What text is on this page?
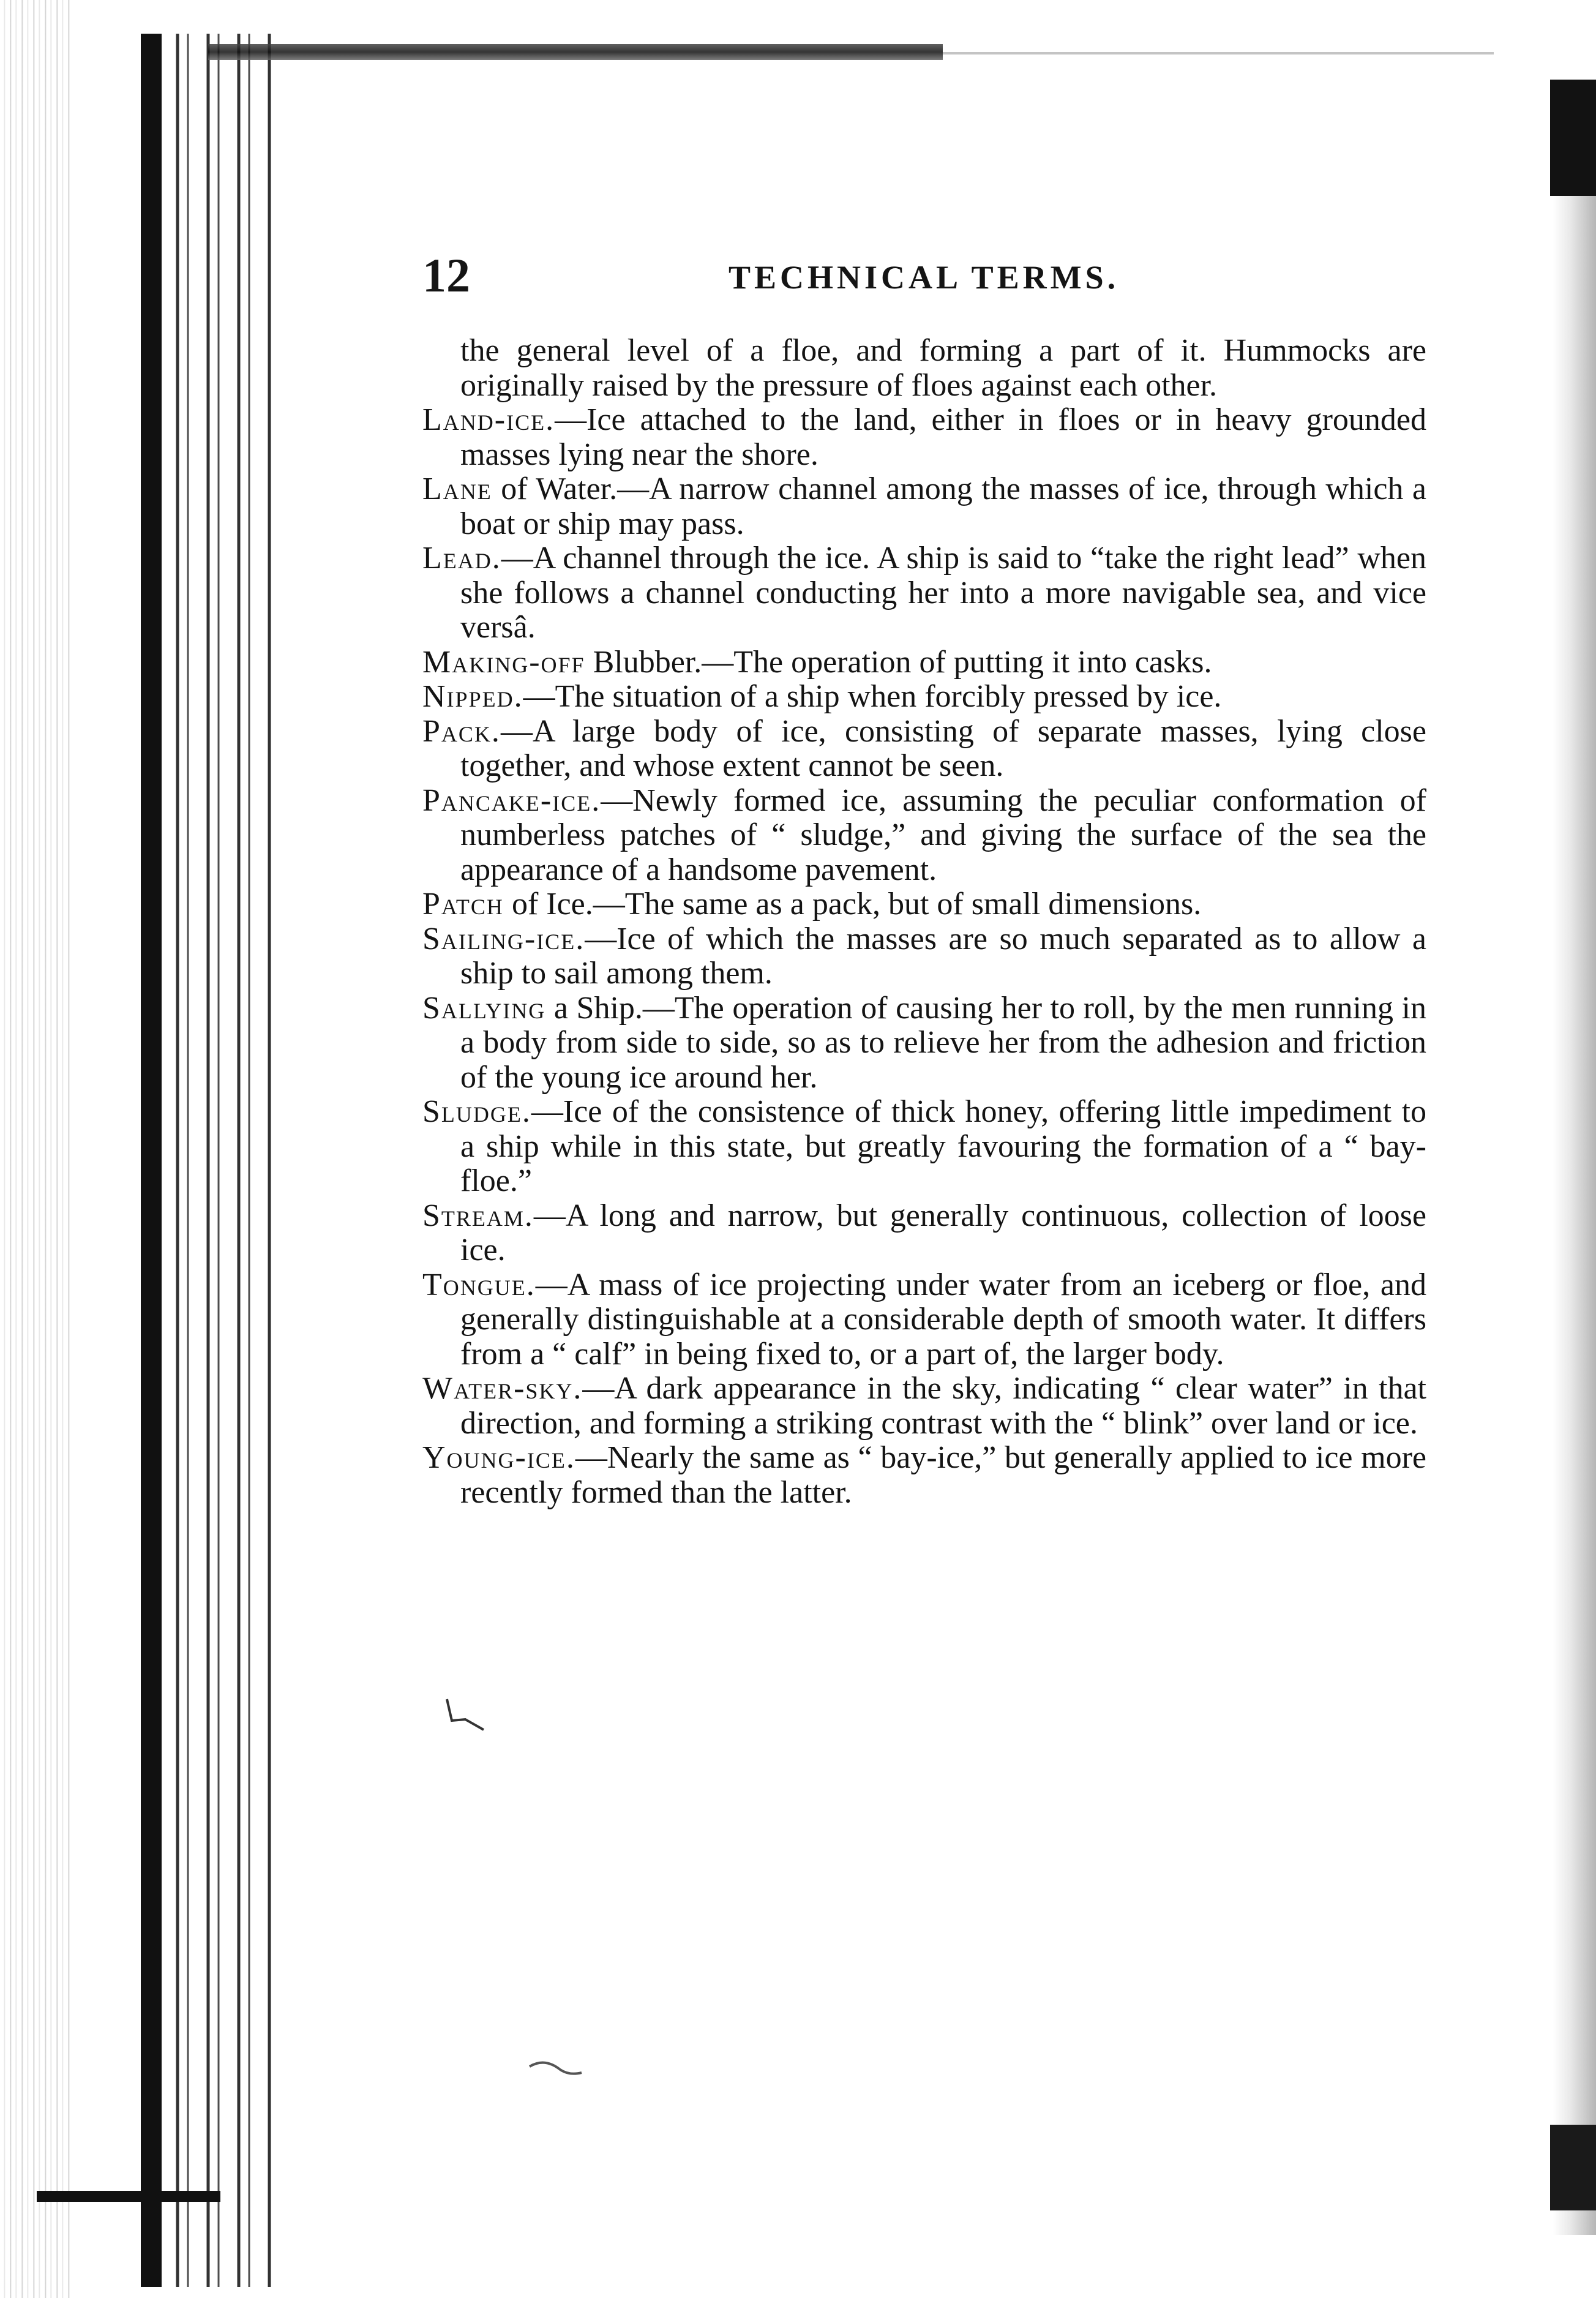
12	TECHNICAL TERMS.

the general level of a floe, and forming a part of it. Hummocks are originally raised by the pressure of floes against each other.

Land-ice.—Ice attached to the land, either in floes or in heavy grounded masses lying near the shore.

Lane of Water.—A narrow channel among the masses of ice, through which a boat or ship may pass.

Lead.—A channel through the ice. A ship is said to “take the right lead” when she follows a channel conducting her into a more navigable sea, and vice versâ.

Making-off Blubber.—The operation of putting it into casks.

Nipped.—The situation of a ship when forcibly pressed by ice.

Pack.—A large body of ice, consisting of separate masses, lying close together, and whose extent cannot be seen.

Pancake-ice.—Newly formed ice, assuming the peculiar conformation of numberless patches of “ sludge,” and giving the surface of the sea the appearance of a handsome pavement.

Patch of Ice.—The same as a pack, but of small dimensions.

Sailing-ice.—Ice of which the masses are so much separated as to allow a ship to sail among them.

Sallying a Ship.—The operation of causing her to roll, by the men running in a body from side to side, so as to relieve her from the adhesion and friction of the young ice around her.

Sludge.—Ice of the consistence of thick honey, offering little impediment to a ship while in this state, but greatly favouring the formation of a “ bay-floe.”

Stream.—A long and narrow, but generally continuous, collection of loose ice.

Tongue.—A mass of ice projecting under water from an iceberg or floe, and generally distinguishable at a considerable depth of smooth water. It differs from a “ calf” in being fixed to, or a part of, the larger body.

Water-sky.—A dark appearance in the sky, indicating “ clear water” in that direction, and forming a striking contrast with the “ blink” over land or ice.

Young-ice.—Nearly the same as “ bay-ice,” but generally applied to ice more recently formed than the latter.
